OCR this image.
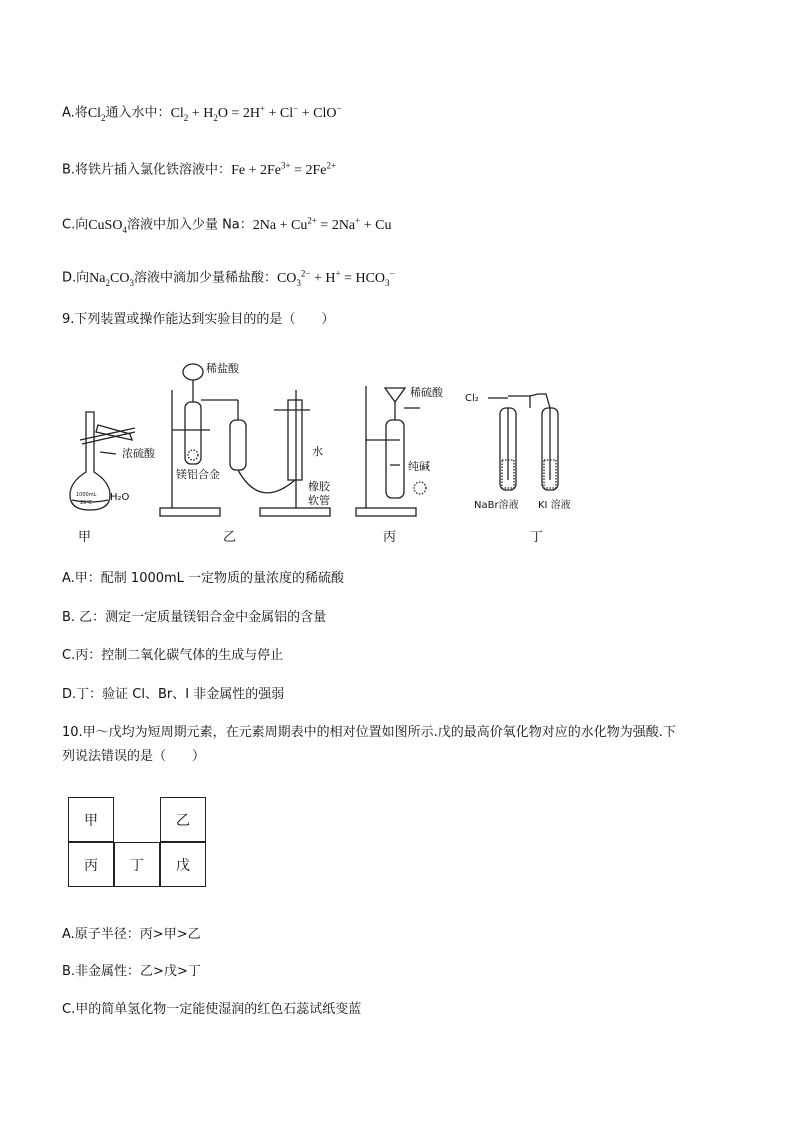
A.将$Cl_2$通入水中：$Cl_2 + H_2O = 2H^+ + Cl^- + ClO^-$
B.将铁片插入氯化铁溶液中：$Fe + 2Fe^{3+} = 2Fe^{2+}$
C.向CuSO$_4$溶液中加入少量 Na：$2Na + Cu^{2+} = 2Na^+ + Cu$
D.向$Na_2CO_3$溶液中滴加少量稀盐酸：$CO_3^{2-} + H^+ = HCO_3^-$
9.下列装置或操作能达到实验目的的是（　　）
浓硫酸
H₂O
1000mL
20℃
稀盐酸
镁铝合金
水
橡胶
软管
稀硫酸
纯碱
Cl₂
NaBr溶液 KI 溶液
甲	乙	丙	丁
A.甲：配制 1000mL 一定物质的量浓度的稀硫酸
B. 乙：测定一定质量镁铝合金中金属铝的含量
C.丙：控制二氧化碳气体的生成与停止
D.丁：验证 Cl、Br、I 非金属性的强弱
10.甲～戊均为短周期元素，在元素周期表中的相对位置如图所示.戊的最高价氧化物对应的水化物为强酸.下
列说法错误的是（　　）
甲		乙
丙	丁	戊
A.原子半径：丙>甲>乙
B.非金属性：乙>戊>丁
C.甲的简单氢化物一定能使湿润的红色石蕊试纸变蓝
